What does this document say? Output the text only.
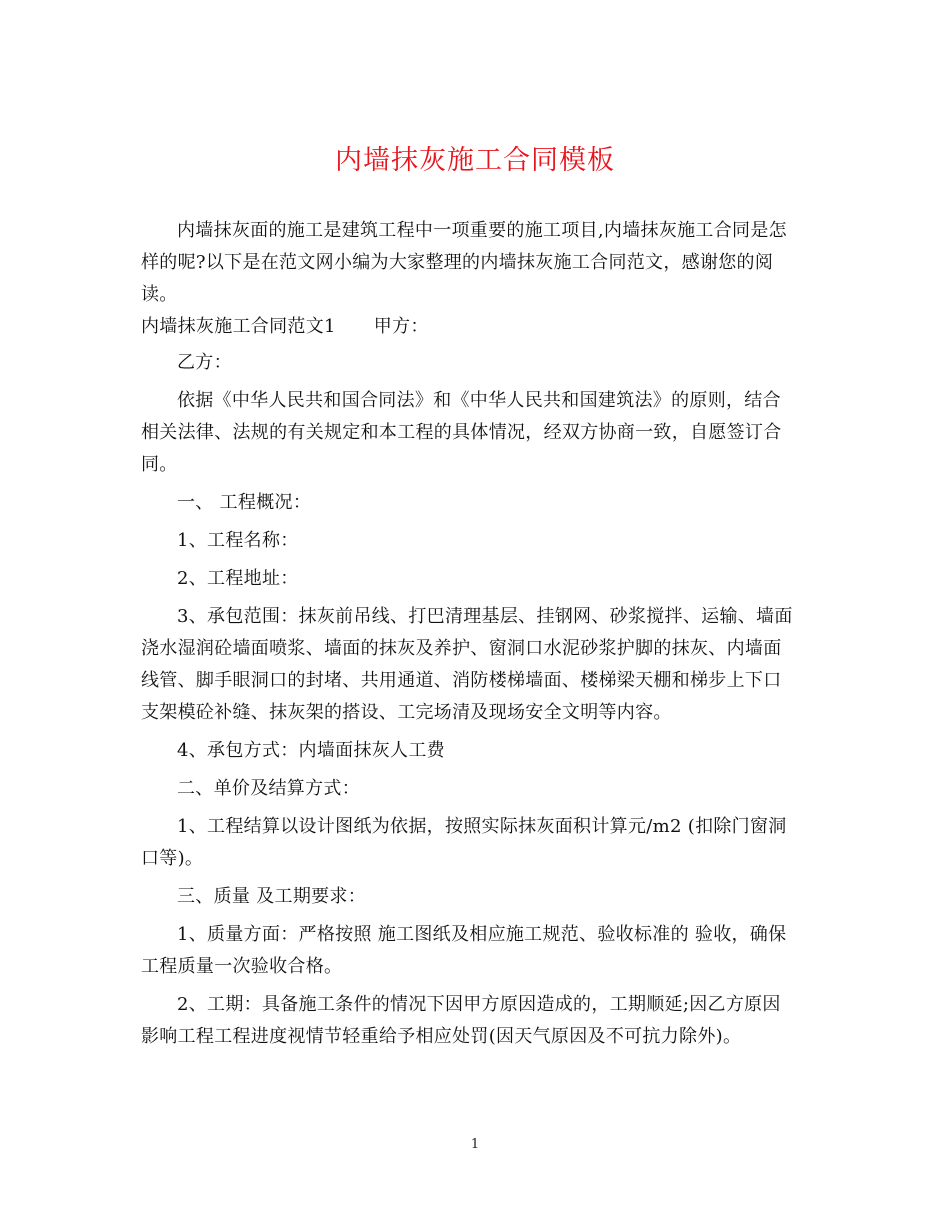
内墙抹灰施工合同模板
内墙抹灰面的施工是建筑工程中一项重要的施工项目,内墙抹灰施工合同是怎
样的呢?以下是在范文网小编为大家整理的内墙抹灰施工合同范文，感谢您的阅
读。
内墙抹灰施工合同范文1 甲方：
乙方：
依据《中华人民共和国合同法》和《中华人民共和国建筑法》的原则，结合
相关法律、法规的有关规定和本工程的具体情况，经双方协商一致，自愿签订合
同。
一、 工程概况：
1、工程名称：
2、工程地址：
3、承包范围：抹灰前吊线、打巴清理基层、挂钢网、砂浆搅拌、运输、墙面
浇水湿润砼墙面喷浆、墙面的抹灰及养护、窗洞口水泥砂浆护脚的抹灰、内墙面
线管、脚手眼洞口的封堵、共用通道、消防楼梯墙面、楼梯梁天棚和梯步上下口
支架模砼补缝、抹灰架的搭设、工完场清及现场安全文明等内容。
4、承包方式：内墙面抹灰人工费
二、单价及结算方式：
1、工程结算以设计图纸为依据，按照实际抹灰面积计算元/m2 (扣除门窗洞
口等)。
三、质量 及工期要求：
1、质量方面：严格按照 施工图纸及相应施工规范、验收标准的 验收，确保
工程质量一次验收合格。
2、工期：具备施工条件的情况下因甲方原因造成的，工期顺延;因乙方原因
影响工程工程进度视情节轻重给予相应处罚(因天气原因及不可抗力除外)。
1
